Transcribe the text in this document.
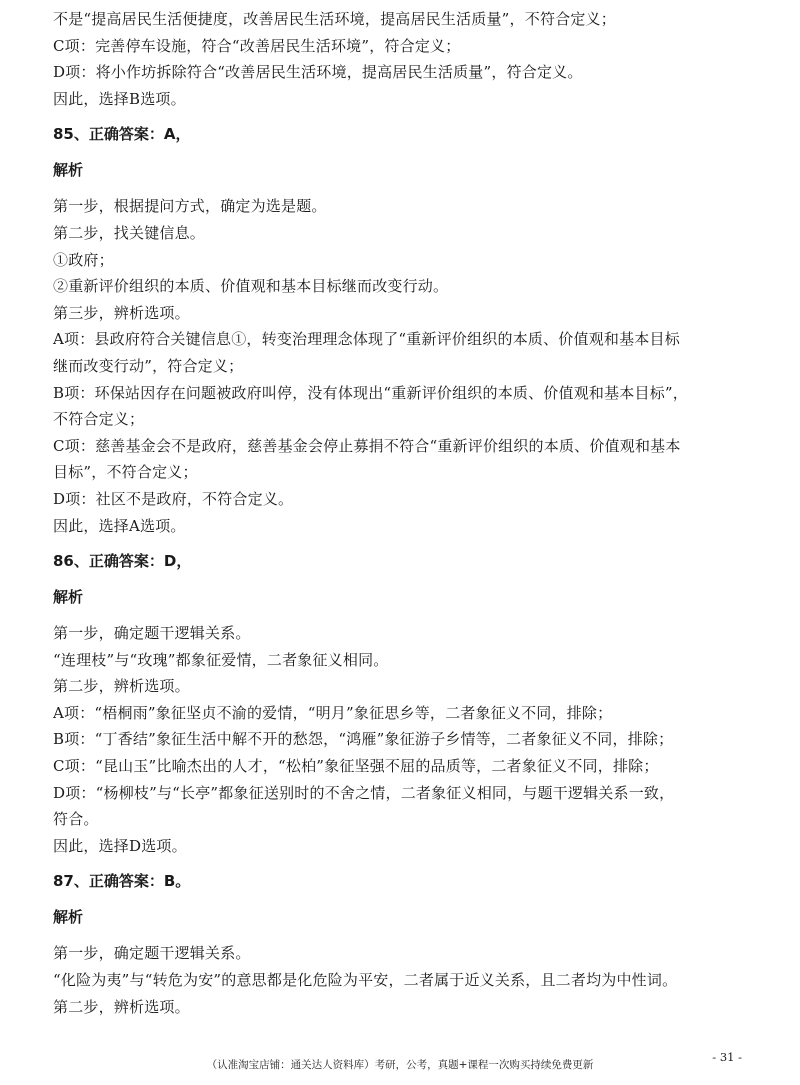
不是“提高居民生活便捷度，改善居民生活环境，提高居民生活质量”，不符合定义；
C项：完善停车设施，符合“改善居民生活环境”，符合定义；
D项：将小作坊拆除符合“改善居民生活环境，提高居民生活质量”，符合定义。
因此，选择B选项。
85、正确答案：A，
解析
第一步，根据提问方式，确定为选是题。
第二步，找关键信息。
①政府；
②重新评价组织的本质、价值观和基本目标继而改变行动。
第三步，辨析选项。
A项：县政府符合关键信息①，转变治理理念体现了“重新评价组织的本质、价值观和基本目标
继而改变行动”，符合定义；
B项：环保站因存在问题被政府叫停，没有体现出“重新评价组织的本质、价值观和基本目标”，
不符合定义；
C项：慈善基金会不是政府，慈善基金会停止募捐不符合“重新评价组织的本质、价值观和基本
目标”，不符合定义；
D项：社区不是政府，不符合定义。
因此，选择A选项。
86、正确答案：D，
解析
第一步，确定题干逻辑关系。
“连理枝”与“玫瑰”都象征爱情，二者象征义相同。
第二步，辨析选项。
A项：“梧桐雨”象征坚贞不渝的爱情，“明月”象征思乡等，二者象征义不同，排除；
B项：“丁香结”象征生活中解不开的愁怨，“鸿雁”象征游子乡情等，二者象征义不同，排除；
C项：“昆山玉”比喻杰出的人才，“松柏”象征坚强不屈的品质等，二者象征义不同，排除；
D项：“杨柳枝”与“长亭”都象征送别时的不舍之情，二者象征义相同，与题干逻辑关系一致，
符合。
因此，选择D选项。
87、正确答案：B。
解析
第一步，确定题干逻辑关系。
“化险为夷”与“转危为安”的意思都是化危险为平安，二者属于近义关系，且二者均为中性词。
第二步，辨析选项。
（认准淘宝店铺：通关达人资料库）考研，公考，真题+课程一次购买持续免费更新
- 31 -
